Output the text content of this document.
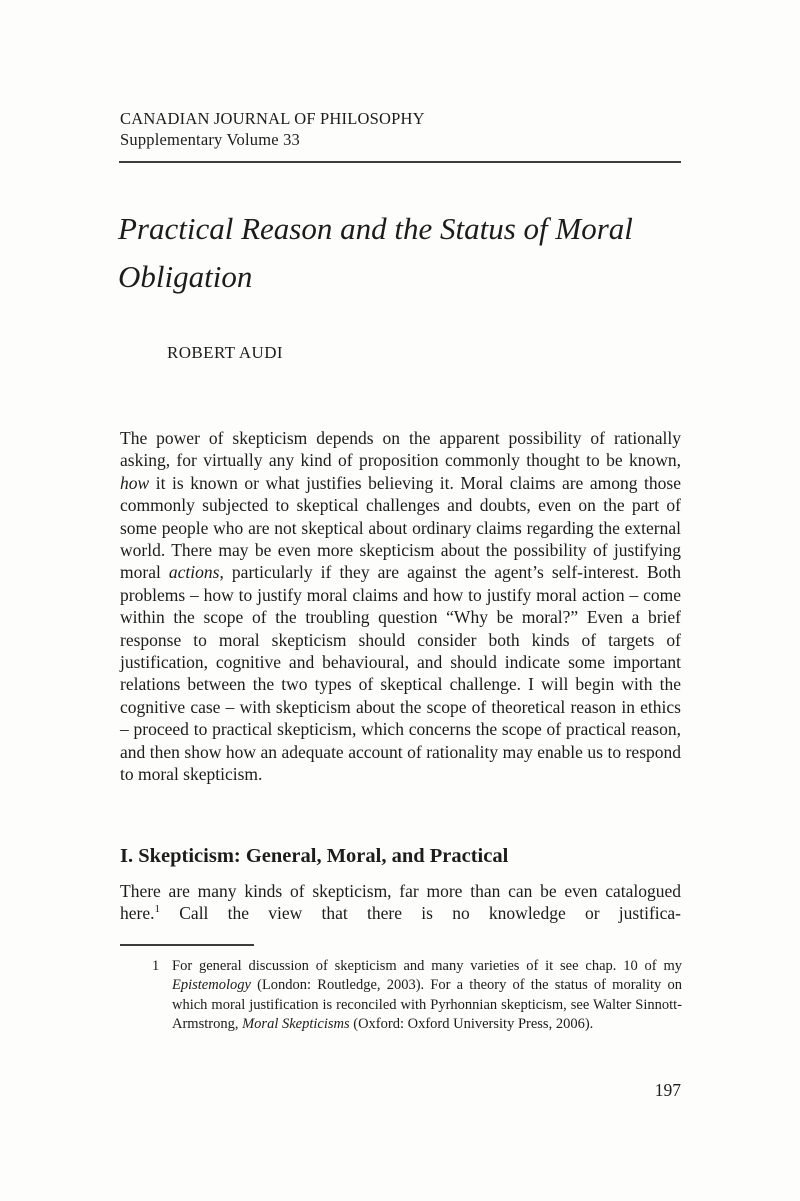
CANADIAN JOURNAL OF PHILOSOPHY
Supplementary Volume 33
Practical Reason and the Status of Moral
Obligation
ROBERT AUDI

The power of skepticism depends on the apparent possibility of rationally asking, for virtually any kind of proposition commonly thought to be known, how it is known or what justifies believing it. Moral claims are among those commonly subjected to skeptical challenges and doubts, even on the part of some people who are not skeptical about ordinary claims regarding the external world. There may be even more skepticism about the possibility of justifying moral actions, particularly if they are against the agent’s self-interest. Both problems – how to justify moral claims and how to justify moral action – come within the scope of the troubling question “Why be moral?” Even a brief response to moral skepticism should consider both kinds of targets of justification, cognitive and behavioural, and should indicate some important relations between the two types of skeptical challenge. I will begin with the cognitive case – with skepticism about the scope of theoretical reason in ethics – proceed to practical skepticism, which concerns the scope of practical reason, and then show how an adequate account of rationality may enable us to respond to moral skepticism.

I. Skepticism: General, Moral, and Practical

There are many kinds of skepticism, far more than can be even catalogued here.$^1$ Call the view that there is no knowledge or justifica-

1 For general discussion of skepticism and many varieties of it see chap. 10 of my Epistemology (London: Routledge, 2003). For a theory of the status of morality on which moral justification is reconciled with Pyrhonnian skepticism, see Walter Sinnott-Armstrong, Moral Skepticisms (Oxford: Oxford University Press, 2006).
197
